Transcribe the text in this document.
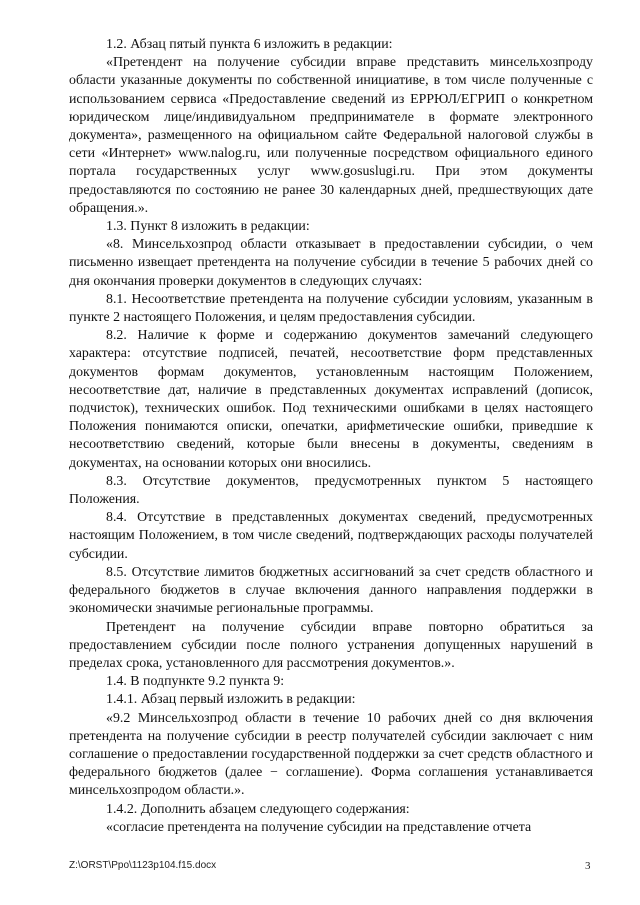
1.2. Абзац пятый пункта 6 изложить в редакции:

«Претендент на получение субсидии вправе представить минсельхозпроду области указанные документы по собственной инициативе, в том числе полученные с использованием сервиса «Предоставление сведений из ЕРРЮЛ/ЕГРИП о конкретном юридическом лице/индивидуальном предпринимателе в формате электронного документа», размещенного на официальном сайте Федеральной налоговой службы в сети «Интернет» www.nalog.ru, или полученные посредством официального единого портала государственных услуг www.gosuslugi.ru. При этом документы предоставляются по состоянию не ранее 30 календарных дней, предшествующих дате обращения.».

1.3. Пункт 8 изложить в редакции:

«8. Минсельхозпрод области отказывает в предоставлении субсидии, о чем письменно извещает претендента на получение субсидии в течение 5 рабочих дней со дня окончания проверки документов в следующих случаях:

8.1. Несоответствие претендента на получение субсидии условиям, указанным в пункте 2 настоящего Положения, и целям предоставления субсидии.

8.2. Наличие к форме и содержанию документов замечаний следующего характера: отсутствие подписей, печатей, несоответствие форм представленных документов формам документов, установленным настоящим Положением, несоответствие дат, наличие в представленных документах исправлений (дописок, подчисток), технических ошибок. Под техническими ошибками в целях настоящего Положения понимаются описки, опечатки, арифметические ошибки, приведшие к несоответствию сведений, которые были внесены в документы, сведениям в документах, на основании которых они вносились.

8.3. Отсутствие документов, предусмотренных пунктом 5 настоящего Положения.

8.4. Отсутствие в представленных документах сведений, предусмотренных настоящим Положением, в том числе сведений, подтверждающих расходы получателей субсидии.

8.5. Отсутствие лимитов бюджетных ассигнований за счет средств областного и федерального бюджетов в случае включения данного направления поддержки в экономически значимые региональные программы.

Претендент на получение субсидии вправе повторно обратиться за предоставлением субсидии после полного устранения допущенных нарушений в пределах срока, установленного для рассмотрения документов.».

1.4. В подпункте 9.2 пункта 9:

1.4.1. Абзац первый изложить в редакции:

«9.2 Минсельхозпрод области в течение 10 рабочих дней со дня включения претендента на получение субсидии в реестр получателей субсидии заключает с ним соглашение о предоставлении государственной поддержки за счет средств областного и федерального бюджетов (далее − соглашение). Форма соглашения устанавливается минсельхозпродом области.».

1.4.2. Дополнить абзацем следующего содержания:

«согласие претендента на получение субсидии на представление отчета

Z:\ORST\Ppo\1123p104.f15.docx	3
